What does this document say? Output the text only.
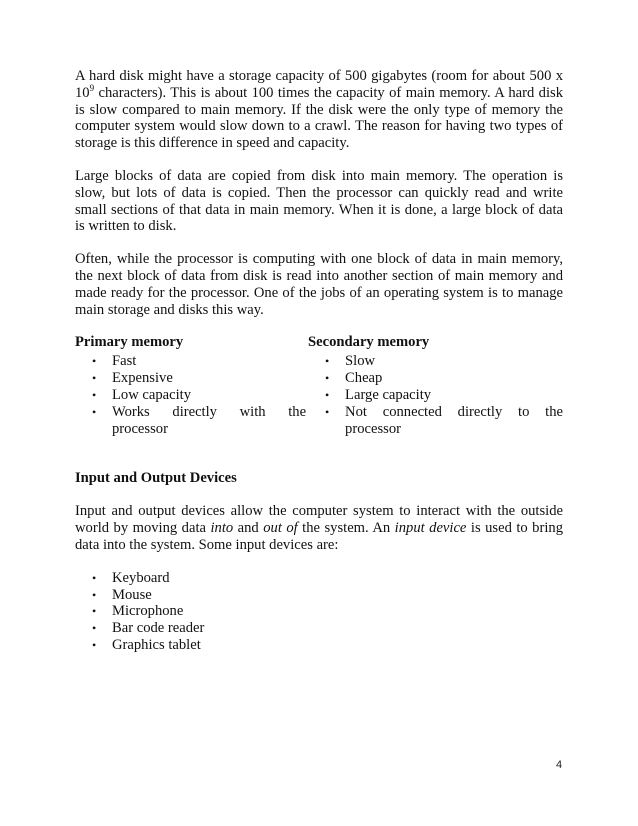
A hard disk might have a storage capacity of 500 gigabytes (room for about 500 x $10^9$ characters). This is about 100 times the capacity of main memory. A hard disk is slow compared to main memory. If the disk were the only type of memory the computer system would slow down to a crawl. The reason for having two types of storage is this difference in speed and capacity.

Large blocks of data are copied from disk into main memory. The operation is slow, but lots of data is copied. Then the processor can quickly read and write small sections of that data in main memory. When it is done, a large block of data is written to disk.

Often, while the processor is computing with one block of data in main memory, the next block of data from disk is read into another section of main memory and made ready for the processor. One of the jobs of an operating system is to manage main storage and disks this way.

Primary memory
• Fast
• Expensive
• Low capacity
• Works directly with the processor
Secondary memory
• Slow
• Cheap
• Large capacity
• Not connected directly to the processor
Input and Output Devices

Input and output devices allow the computer system to interact with the outside world by moving data into and out of the system. An input device is used to bring data into the system. Some input devices are:

• Keyboard
• Mouse
• Microphone
• Bar code reader
• Graphics tablet
4
